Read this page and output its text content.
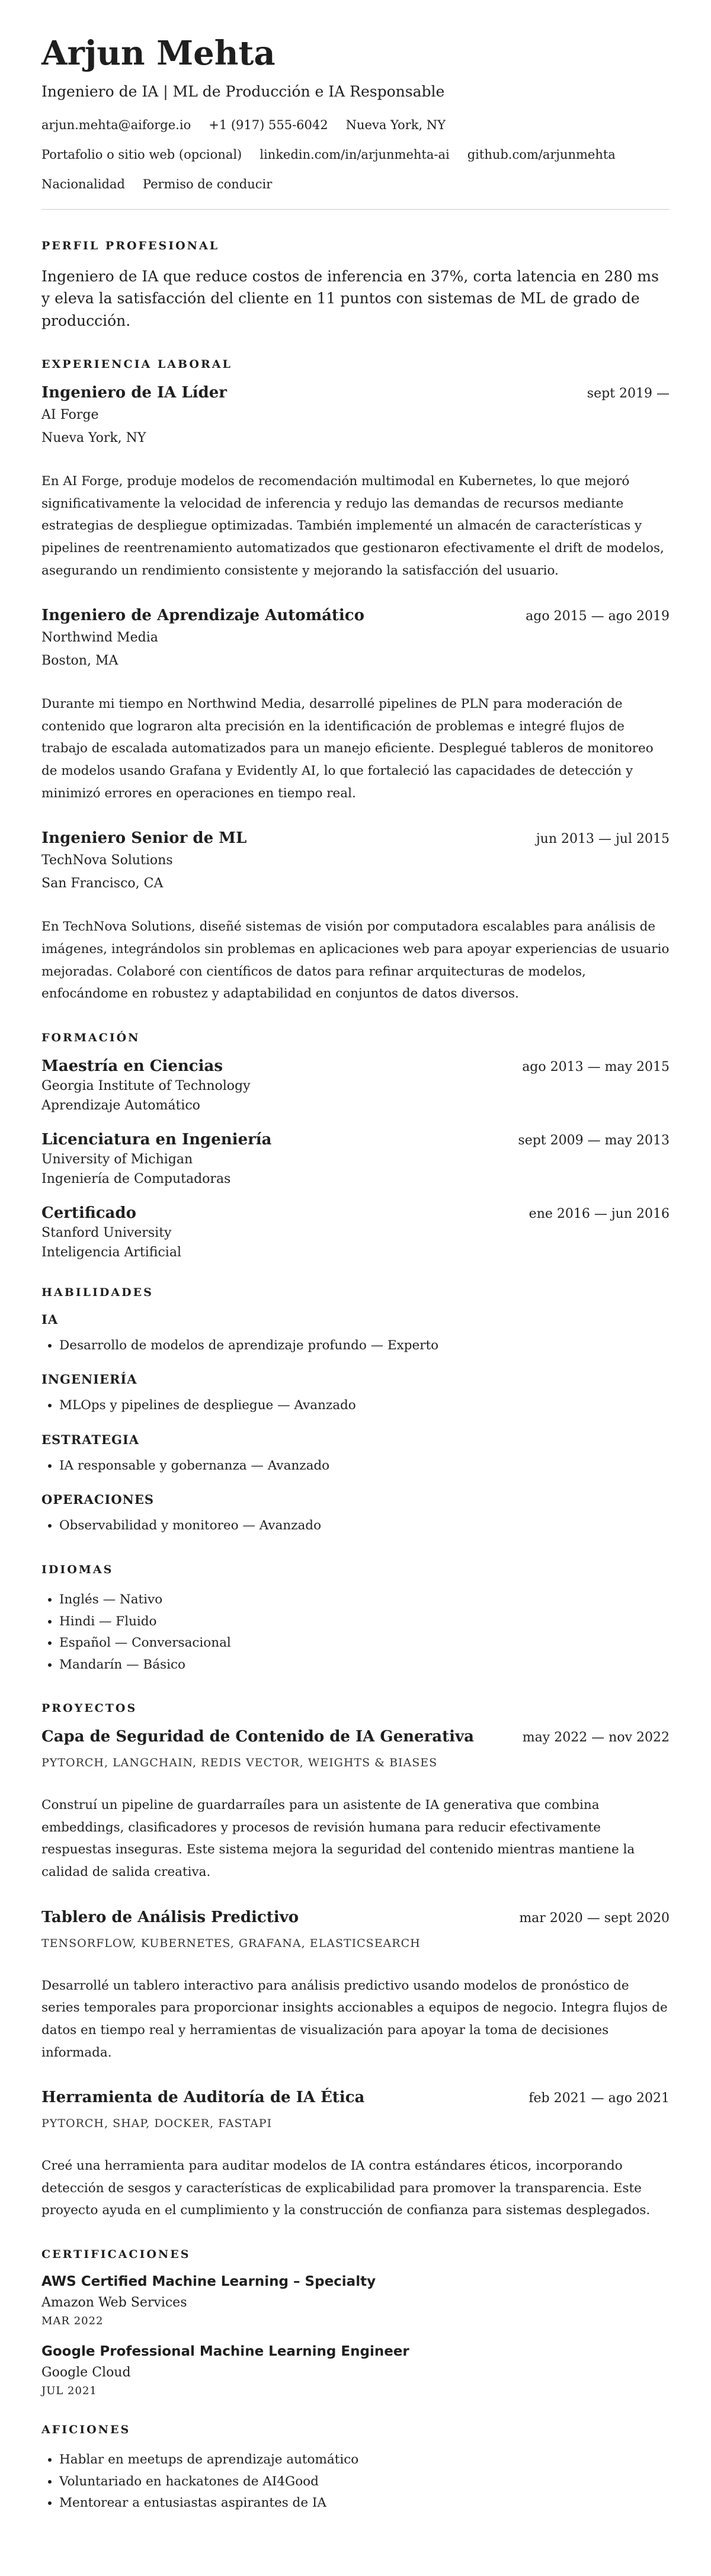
Arjun Mehta

Ingeniero de IA | ML de Producción e IA Responsable

arjun.mehta@aiforge.io +1 (917) 555-6042 Nueva York, NY
Portafolio o sitio web (opcional) linkedin.com/in/arjunmehta-ai github.com/arjunmehta
Nacionalidad Permiso de conducir
PERFIL PROFESIONAL

Ingeniero de IA que reduce costos de inferencia en 37%, corta latencia en 280 ms y eleva la satisfacción del cliente en 11 puntos con sistemas de ML de grado de producción.

EXPERIENCIA LABORAL

Ingeniero de IA Líder	sept 2019 —

AI Forge

Nueva York, NY

En AI Forge, produje modelos de recomendación multimodal en Kubernetes, lo que mejoró significativamente la velocidad de inferencia y redujo las demandas de recursos mediante estrategias de despliegue optimizadas. También implementé un almacén de características y pipelines de reentrenamiento automatizados que gestionaron efectivamente el drift de modelos, asegurando un rendimiento consistente y mejorando la satisfacción del usuario.

Ingeniero de Aprendizaje Automático	ago 2015 — ago 2019

Northwind Media

Boston, MA

Durante mi tiempo en Northwind Media, desarrollé pipelines de PLN para moderación de contenido que lograron alta precisión en la identificación de problemas e integré flujos de trabajo de escalada automatizados para un manejo eficiente. Desplegué tableros de monitoreo de modelos usando Grafana y Evidently AI, lo que fortaleció las capacidades de detección y minimizó errores en operaciones en tiempo real.

Ingeniero Senior de ML	jun 2013 — jul 2015

TechNova Solutions

San Francisco, CA

En TechNova Solutions, diseñé sistemas de visión por computadora escalables para análisis de imágenes, integrándolos sin problemas en aplicaciones web para apoyar experiencias de usuario mejoradas. Colaboré con científicos de datos para refinar arquitecturas de modelos, enfocándome en robustez y adaptabilidad en conjuntos de datos diversos.

FORMACIÓN

Maestría en Ciencias	ago 2013 — may 2015

Georgia Institute of Technology

Aprendizaje Automático

Licenciatura en Ingeniería	sept 2009 — may 2013

University of Michigan

Ingeniería de Computadoras

Certificado	ene 2016 — jun 2016

Stanford University

Inteligencia Artificial

HABILIDADES

IA

• Desarrollo de modelos de aprendizaje profundo — Experto

INGENIERÍA

• MLOps y pipelines de despliegue — Avanzado

ESTRATEGIA

• IA responsable y gobernanza — Avanzado

OPERACIONES

• Observabilidad y monitoreo — Avanzado
IDIOMAS
• Inglés — Nativo
• Hindi — Fluido
• Español — Conversacional
• Mandarín — Básico
PROYECTOS

Capa de Seguridad de Contenido de IA Generativa	may 2022 — nov 2022

PYTORCH, LANGCHAIN, REDIS VECTOR, WEIGHTS & BIASES

Construí un pipeline de guardarraíles para un asistente de IA generativa que combina embeddings, clasificadores y procesos de revisión humana para reducir efectivamente respuestas inseguras. Este sistema mejora la seguridad del contenido mientras mantiene la calidad de salida creativa.

Tablero de Análisis Predictivo	mar 2020 — sept 2020

TENSORFLOW, KUBERNETES, GRAFANA, ELASTICSEARCH

Desarrollé un tablero interactivo para análisis predictivo usando modelos de pronóstico de series temporales para proporcionar insights accionables a equipos de negocio. Integra flujos de datos en tiempo real y herramientas de visualización para apoyar la toma de decisiones informada.

Herramienta de Auditoría de IA Ética	feb 2021 — ago 2021

PYTORCH, SHAP, DOCKER, FASTAPI

Creé una herramienta para auditar modelos de IA contra estándares éticos, incorporando detección de sesgos y características de explicabilidad para promover la transparencia. Este proyecto ayuda en el cumplimiento y la construcción de confianza para sistemas desplegados.

CERTIFICACIONES

AWS Certified Machine Learning – Specialty

Amazon Web Services

MAR 2022

Google Professional Machine Learning Engineer

Google Cloud

JUL 2021

AFICIONES
• Hablar en meetups de aprendizaje automático
• Voluntariado en hackatones de AI4Good
• Mentorear a entusiastas aspirantes de IA
